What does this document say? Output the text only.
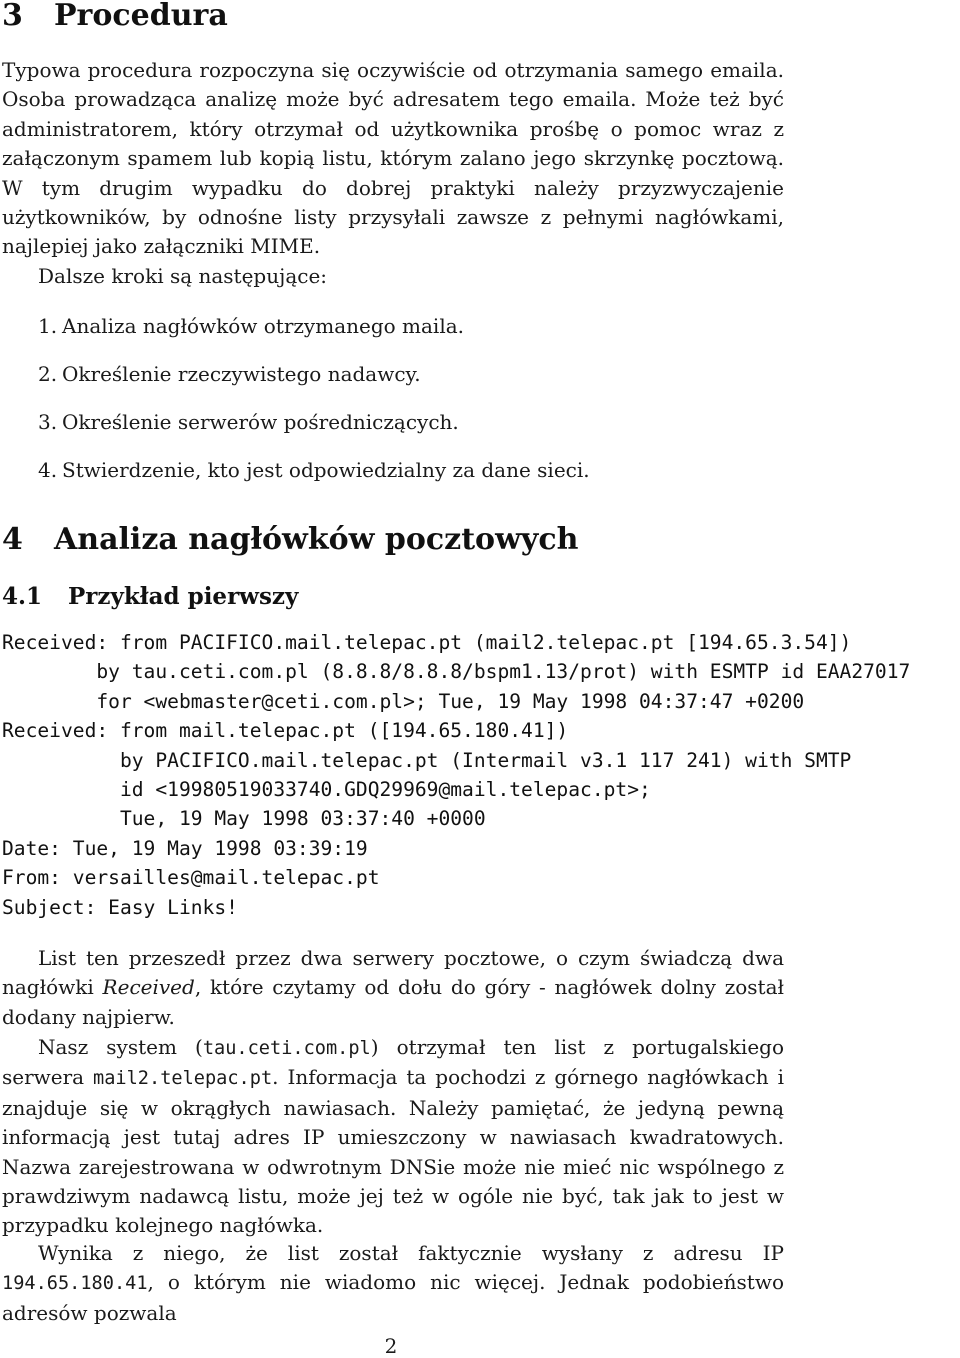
3 Procedura

Typowa procedura rozpoczyna się oczywiście od otrzymania samego emaila. Osoba prowadząca analizę może być adresatem tego emaila. Może też być administratorem, który otrzymał od użytkownika prośbę o pomoc wraz z załączonym spamem lub kopią listu, którym zalano jego skrzynkę pocztową. W tym drugim wypadku do dobrej praktyki należy przyzwyczajenie użytkowników, by odnośne listy przysyłali zawsze z pełnymi nagłówkami, najlepiej jako załączniki MIME.

Dalsze kroki są następujące:

1. Analiza nagłówków otrzymanego maila.
2. Określenie rzeczywistego nadawcy.
3. Określenie serwerów pośredniczących.
4. Stwierdzenie, kto jest odpowiedzialny za dane sieci.
4 Analiza nagłówków pocztowych
4.1 Przykład pierwszy
Received: from PACIFICO.mail.telepac.pt (mail2.telepac.pt [194.65.3.54])
by tau.ceti.com.pl (8.8.8/8.8.8/bspm1.13/prot) with ESMTP id EAA27017
for <webmaster@ceti.com.pl>; Tue, 19 May 1998 04:37:47 +0200
Received: from mail.telepac.pt ([194.65.180.41])
by PACIFICO.mail.telepac.pt (Intermail v3.1 117 241) with SMTP
id <19980519033740.GDQ29969@mail.telepac.pt>;
Tue, 19 May 1998 03:37:40 +0000
Date: Tue, 19 May 1998 03:39:19
From: versailles@mail.telepac.pt
Subject: Easy Links!

List ten przeszedł przez dwa serwery pocztowe, o czym świadczą dwa nagłówki Received, które czytamy od dołu do góry - nagłówek dolny został dodany najpierw.

Nasz system (tau.ceti.com.pl) otrzymał ten list z portugalskiego serwera mail2.telepac.pt. Informacja ta pochodzi z górnego nagłówkach i znajduje się w okrągłych nawiasach. Należy pamiętać, że jedyną pewną informacją jest tutaj adres IP umieszczony w nawiasach kwadratowych. Nazwa zarejestrowana w odwrotnym DNSie może nie mieć nic wspólnego z prawdziwym nadawcą listu, może jej też w ogóle nie być, tak jak to jest w przypadku kolejnego nagłówka.

Wynika z niego, że list został faktycznie wysłany z adresu IP 194.65.180.41, o którym nie wiadomo nic więcej. Jednak podobieństwo adresów pozwala

2
